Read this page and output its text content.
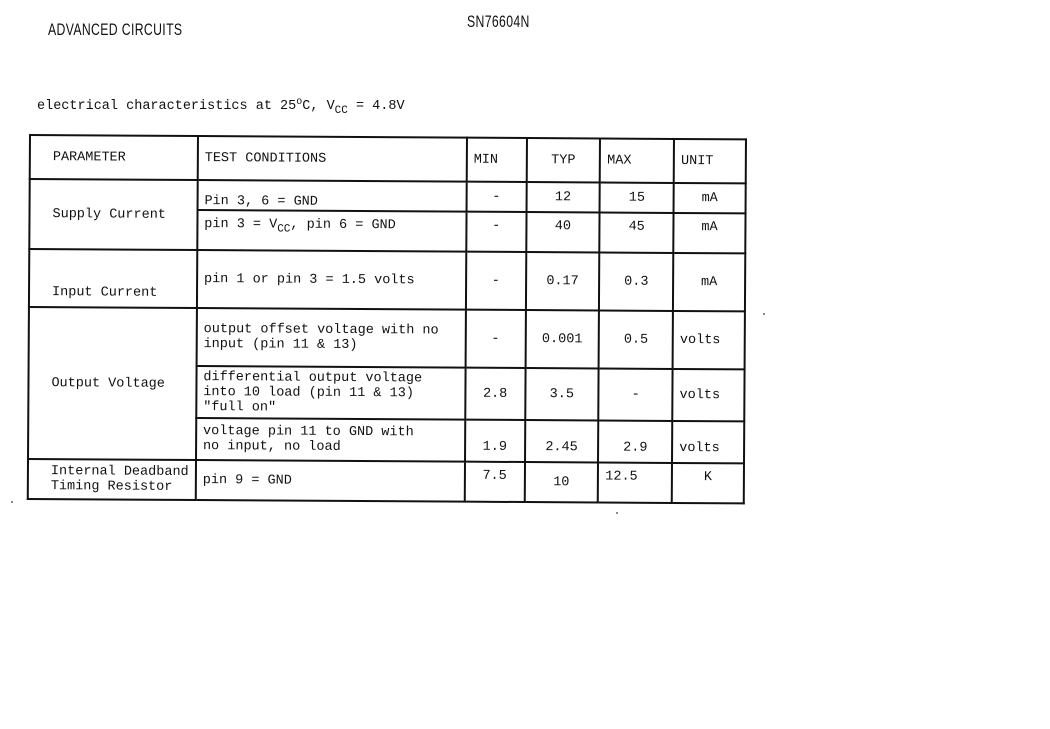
ADVANCED CIRCUITS	SN76604N
electrical characteristics at 25$^o$C, $V_{CC} = 4.8V$
PARAMETER	TEST CONDITIONS	MIN	TYP	MAX	UNIT
Supply Current	Pin 3, 6 = GND	-	12	15	mA
	pin $3 = V_{CC}$, pin 6 = GND	-	40	45	mA
Input Current	pin 1 or pin 3 = 1.5 volts	-	0.17	0.3	mA
Output Voltage	output offset voltage with no
input (pin 11 & 13)	-	0.001	0.5	volts

	differential output voltage
into 10 load (pin 11 & 13)
"full on"	2.8	3.5	-	volts

	voltage pin 11 to GND with
no input, no load	1.9	2.45	2.9	volts

Internal Deadband
Timing Resistor	pin 9 = GND	7.5	10	12.5	K
